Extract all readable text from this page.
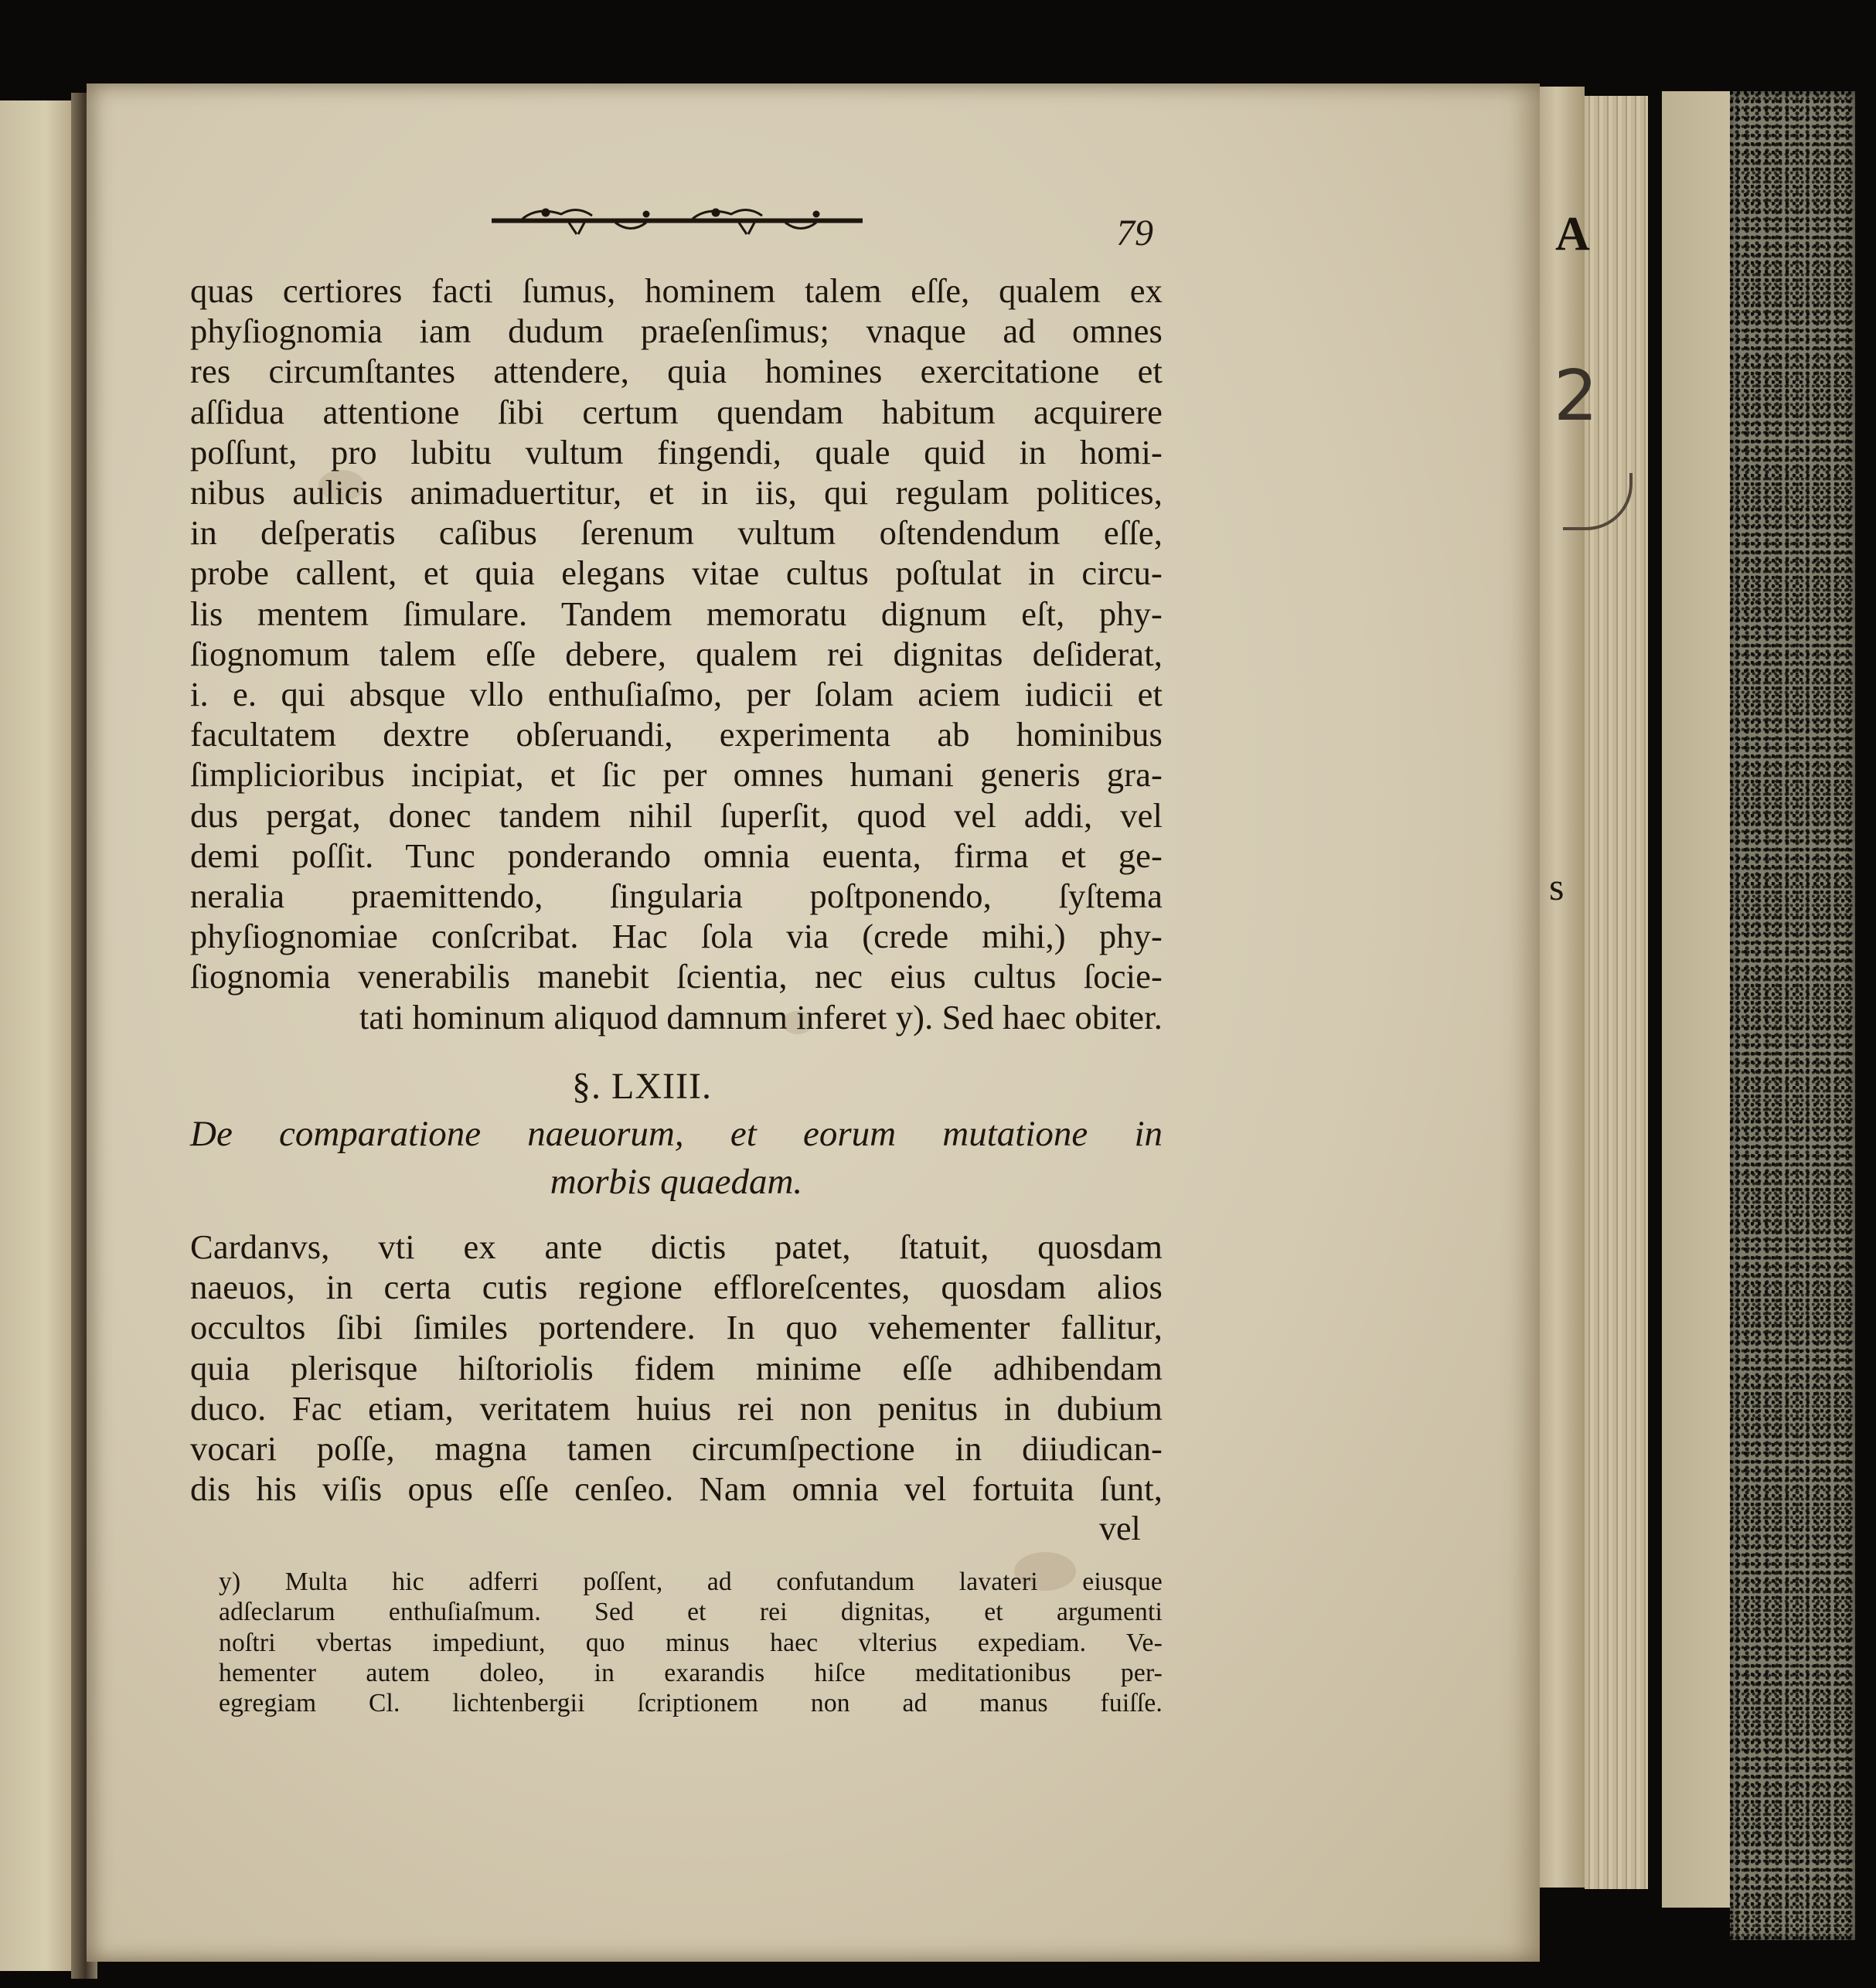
A
2
s
79
quas certiores facti ſumus, hominem talem eſſe, qualem ex
phyſiognomia iam dudum praeſenſimus; vnaque ad omnes
res circumſtantes attendere, quia homines exercitatione et
aſſidua attentione ſibi certum quendam habitum acquirere
poſſunt, pro lubitu vultum fingendi, quale quid in homi-
nibus aulicis animaduertitur, et in iis, qui regulam politices,
in deſperatis caſibus ſerenum vultum oſtendendum eſſe,
probe callent, et quia elegans vitae cultus poſtulat in circu-
lis mentem ſimulare. Tandem memoratu dignum eſt, phy-
ſiognomum talem eſſe debere, qualem rei dignitas deſiderat,
i. e. qui absque vllo enthuſiaſmo, per ſolam aciem iudicii et
facultatem dextre obſeruandi, experimenta ab hominibus
ſimplicioribus incipiat, et ſic per omnes humani generis gra-
dus pergat, donec tandem nihil ſuperſit, quod vel addi, vel
demi poſſit. Tunc ponderando omnia euenta, firma et ge-
neralia praemittendo, ſingularia poſtponendo, ſyſtema
phyſiognomiae conſcribat. Hac ſola via (crede mihi,) phy-
ſiognomia venerabilis manebit ſcientia, nec eius cultus ſocie-
tati hominum aliquod damnum inferet y). Sed haec obiter.
§. LXIII.
De comparatione naeuorum, et eorum mutatione in
morbis quaedam.
Cardanvs, vti ex ante dictis patet, ſtatuit, quosdam
naeuos, in certa cutis regione effloreſcentes, quosdam alios
occultos ſibi ſimiles portendere. In quo vehementer fallitur,
quia plerisque hiſtoriolis fidem minime eſſe adhibendam
duco. Fac etiam, veritatem huius rei non penitus in dubium
vocari poſſe, magna tamen circumſpectione in diiudican-
dis his viſis opus eſſe cenſeo. Nam omnia vel fortuita ſunt,
vel
y) Multa hic adferri poſſent, ad confutandum lavateri eiusque
adſeclarum enthuſiaſmum. Sed et rei dignitas, et argumenti
noſtri vbertas impediunt, quo minus haec vlterius expediam. Ve-
hementer autem doleo, in exarandis hiſce meditationibus per-
egregiam Cl. lichtenbergii ſcriptionem non ad manus fuiſſe.
